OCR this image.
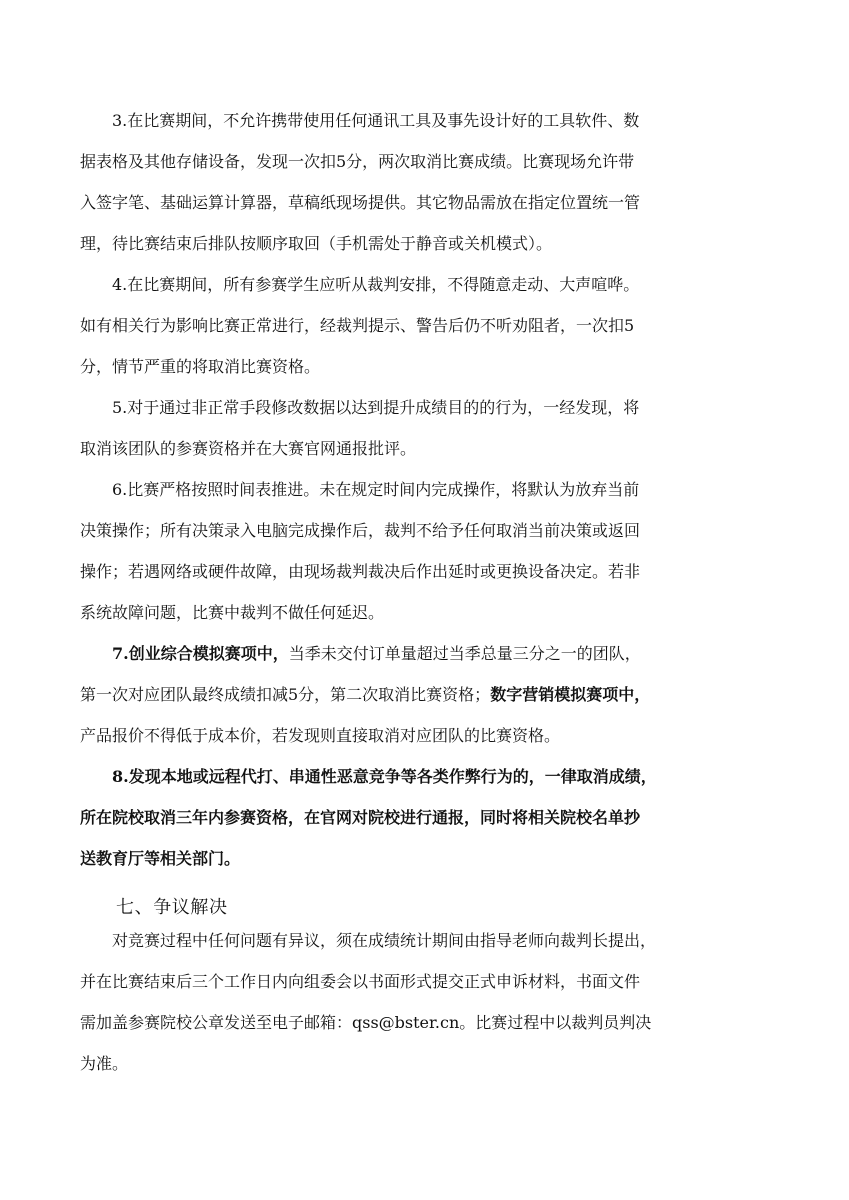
3.在比赛期间，不允许携带使用任何通讯工具及事先设计好的工具软件、数
据表格及其他存储设备，发现一次扣5分，两次取消比赛成绩。比赛现场允许带
入签字笔、基础运算计算器，草稿纸现场提供。其它物品需放在指定位置统一管
理，待比赛结束后排队按顺序取回（手机需处于静音或关机模式）。
4.在比赛期间，所有参赛学生应听从裁判安排，不得随意走动、大声喧哗。
如有相关行为影响比赛正常进行，经裁判提示、警告后仍不听劝阻者，一次扣5
分，情节严重的将取消比赛资格。
5.对于通过非正常手段修改数据以达到提升成绩目的的行为，一经发现，将
取消该团队的参赛资格并在大赛官网通报批评。
6.比赛严格按照时间表推进。未在规定时间内完成操作，将默认为放弃当前
决策操作；所有决策录入电脑完成操作后，裁判不给予任何取消当前决策或返回
操作；若遇网络或硬件故障，由现场裁判裁决后作出延时或更换设备决定。若非
系统故障问题，比赛中裁判不做任何延迟。
7.创业综合模拟赛项中，当季未交付订单量超过当季总量三分之一的团队，
第一次对应团队最终成绩扣减5分，第二次取消比赛资格；数字营销模拟赛项中，
产品报价不得低于成本价，若发现则直接取消对应团队的比赛资格。
8.发现本地或远程代打、串通性恶意竞争等各类作弊行为的，一律取消成绩，
所在院校取消三年内参赛资格，在官网对院校进行通报，同时将相关院校名单抄
送教育厅等相关部门。
七、争议解决
对竞赛过程中任何问题有异议，须在成绩统计期间由指导老师向裁判长提出，
并在比赛结束后三个工作日内向组委会以书面形式提交正式申诉材料，书面文件
需加盖参赛院校公章发送至电子邮箱：qss@bster.cn。比赛过程中以裁判员判决
为准。
